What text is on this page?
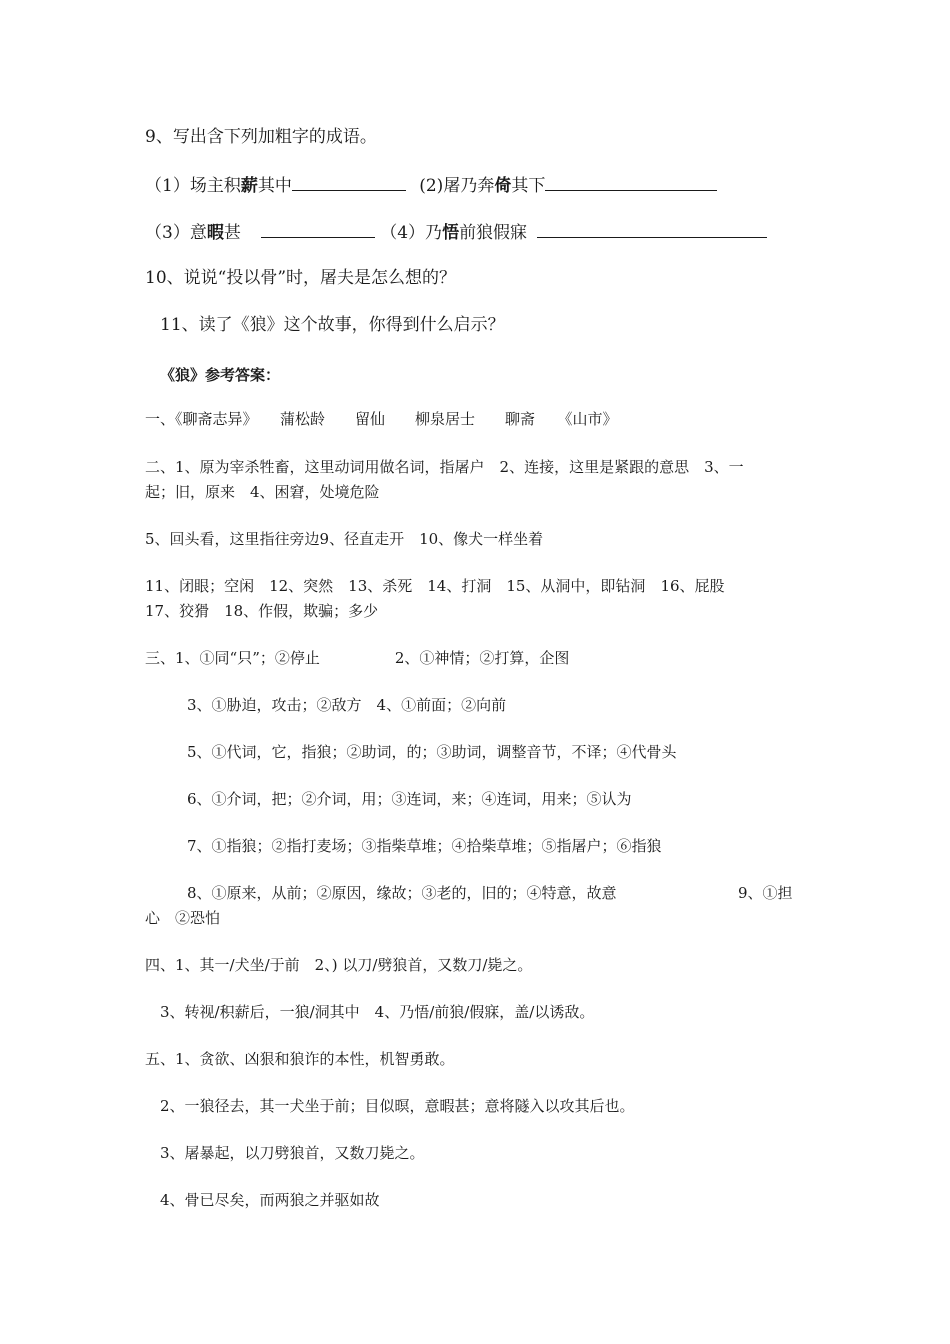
9、写出含下列加粗字的成语。
（1）场主积薪其中	(2)屠乃奔倚其下
（3）意暇甚	（4）乃悟前狼假寐
10、说说“投以骨”时，屠夫是怎么想的？
11、读了《狼》这个故事，你得到什么启示？
《狼》参考答案：
一、《聊斋志异》　　蒲松龄　　留仙　　柳泉居士　　聊斋　　《山市》
二、1、原为宰杀牲畜，这里动词用做名词，指屠户　2、连接，这里是紧跟的意思　3、一
起；旧，原来　4、困窘，处境危险
5、回头看，这里指往旁边9、径直走开　10、像犬一样坐着
11、闭眼；空闲　12、突然　13、杀死　14、打洞　15、从洞中，即钻洞　16、屁股
17、狡猾　18、作假，欺骗；多少
三、1、①同“只”；②停止　　　　　2、①神情；②打算，企图
3、①胁迫，攻击；②敌方　4、①前面；②向前
5、①代词，它，指狼；②助词，的；③助词，调整音节，不译；④代骨头
6、①介词，把；②介词，用；③连词，来；④连词，用来；⑤认为
7、①指狼；②指打麦场；③指柴草堆；④拾柴草堆；⑤指屠户；⑥指狼
8、①原来，从前；②原因，缘故；③老的，旧的；④特意，故意	9、①担
心　②恐怕
四、1、其一/犬坐/于前　2、) 以刀/劈狼首，又数刀/毙之。
3、转视/积薪后，一狼/洞其中　4、乃悟/前狼/假寐，盖/以诱敌。
五、1、贪欲、凶狠和狼诈的本性，机智勇敢。
2、一狼径去，其一犬坐于前；目似暝，意暇甚；意将隧入以攻其后也。
3、屠暴起，以刀劈狼首，又数刀毙之。
4、骨已尽矣，而两狼之并驱如故
